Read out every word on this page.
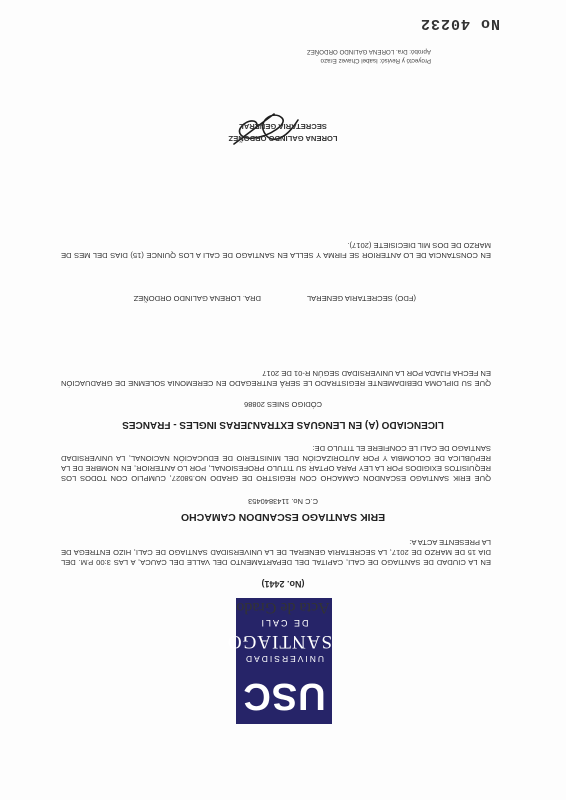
USC
UNIVERSIDAD
SANTIAGO
DE CALI
Acta de Grado
(No. 2441)
EN LA CIUDAD DE SANTIAGO DE CALI, CAPITAL DEL DEPARTAMENTO DEL VALLE DEL CAUCA, A LAS 3:00 P.M. DEL DIA 15 DE MARZO DE 2017, LA SECRETARIA GENERAL DE LA UNIVERSIDAD SANTIAGO DE CALI, HIZO ENTREGA DE LA PRESENTE ACTA A:
ERIK SANTIAGO ESCANDON CAMACHO
C.C No. 1143840453
QUE ERIK SANTIAGO ESCANDON CAMACHO CON REGISTRO DE GRADO NO.58027, CUMPLIO CON TODOS LOS REQUISITOS EXIGIDOS POR LA LEY PARA OPTAR SU TITULO PROFESIONAL, POR LO ANTERIOR, EN NOMBRE DE LA REPÚBLICA DE COLOMBIA Y POR AUTORIZACIÓN DEL MINISTERIO DE EDUCACIÓN NACIONAL, LA UNIVERSIDAD SANTIAGO DE CALI LE CONFIERE EL TITULO DE:
LICENCIADO (A) EN LENGUAS EXTRANJERAS INGLES - FRANCES
CÓDIGO SNIES 20886
QUE SU DIPLOMA DEBIDAMENTE REGISTRADO LE SERÁ ENTREGADO EN CEREMONIA SOLEMNE DE GRADUACIÓN EN FECHA FIJADA POR LA UNIVERSIDAD SEGÚN R-01 DE 2017
(FDO) SECRETARIA GENERAL
DRA. LORENA GALINDO ORDOÑEZ
EN CONSTANCIA DE LO ANTERIOR SE FIRMA Y SELLA EN SANTIAGO DE CALI A LOS QUINCE (15) DIAS DEL MES DE MARZO DE DOS MIL DIECISIETE (2017).
LORENA GALINDO ORDOÑEZ
SECRETARIA GENERAL
Proyectó y Revisó: Isabel Chavez Erazo
Aprobó: Dra. LORENA GALINDO ORDOÑEZ
No 40232
